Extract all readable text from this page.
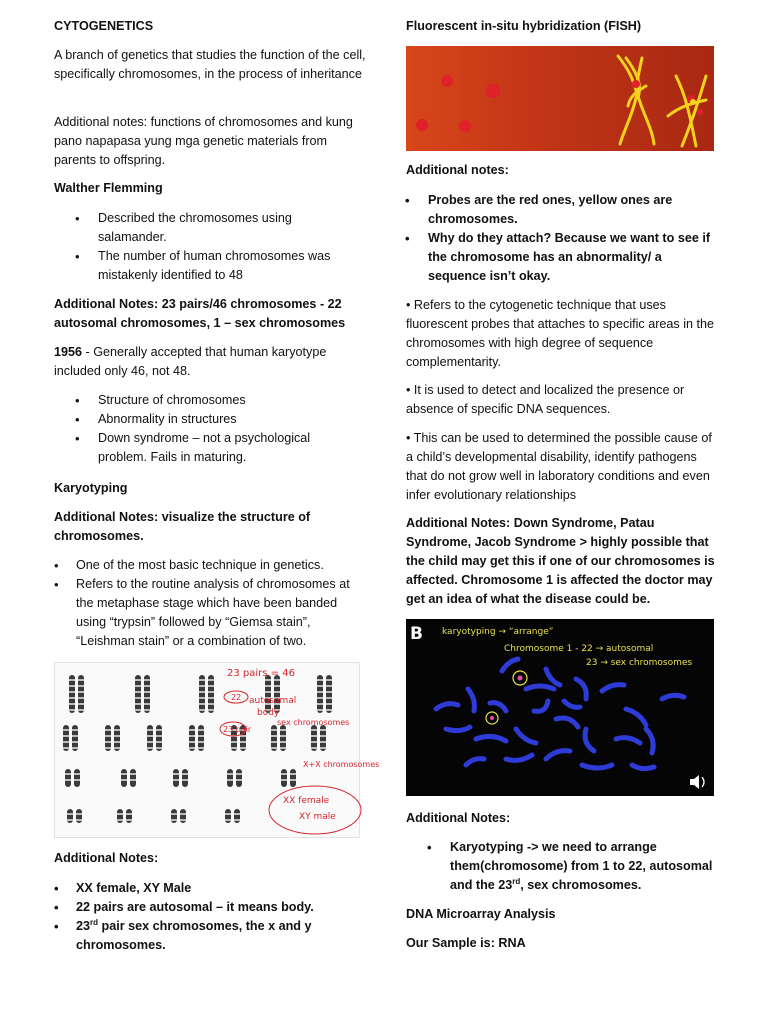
CYTOGENETICS

A branch of genetics that studies the function of the cell, specifically chromosomes, in the process of inheritance

Additional notes: functions of chromosomes and kung pano napapasa yung mga genetic materials from parents to offspring.

Walther Flemming

• Described the chromosomes using salamander.
• The number of human chromosomes was mistakenly identified to 48

Additional Notes: 23 pairs/46 chromosomes - 22 autosomal chromosomes, 1 – sex chromosomes

1956 - Generally accepted that human karyotype included only 46, not 48.

• Structure of chromosomes
• Abnormality in structures
• Down syndrome – not a psychological problem. Fails in maturing.

Karyotyping

Additional Notes: visualize the structure of chromosomes.

• One of the most basic technique in genetics.
• Refers to the routine analysis of chromosomes at the metaphase stage which have been banded using “trypsin” followed by “Giemsa stain”, “Leishman stain” or a combination of two.
23 pairs = 46
22 autosomal
body
23 pair
sex chromosomes
X+X chromosomes
XX female
XY male

Additional Notes:

• XX female, XY Male
• 22 pairs are autosomal – it means body.
• 23rd pair sex chromosomes, the x and y chromosomes.

Fluorescent in-situ hybridization (FISH)

Additional notes:

• Probes are the red ones, yellow ones are chromosomes.
• Why do they attach? Because we want to see if the chromosome has an abnormality/ a sequence isn’t okay.

• Refers to the cytogenetic technique that uses fluorescent probes that attaches to specific areas in the chromosomes with high degree of sequence complementarity.

• It is used to detect and localized the presence or absence of specific DNA sequences.

• This can be used to determined the possible cause of a child’s developmental disability, identify pathogens that do not grow well in laboratory conditions and even infer evolutionary relationships

Additional Notes: Down Syndrome, Patau Syndrome, Jacob Syndrome > highly possible that the child may get this if one of our chromosomes is affected. Chromosome 1 is affected the doctor may get an idea of what the disease could be.

B karyotyping → “arrange”
Chromosome 1 - 22 → autosomal
23 → sex chromosomes

Additional Notes:

• Karyotyping -> we need to arrange them(chromosome) from 1 to 22, autosomal and the 23rd, sex chromosomes.

DNA Microarray Analysis

Our Sample is: RNA
